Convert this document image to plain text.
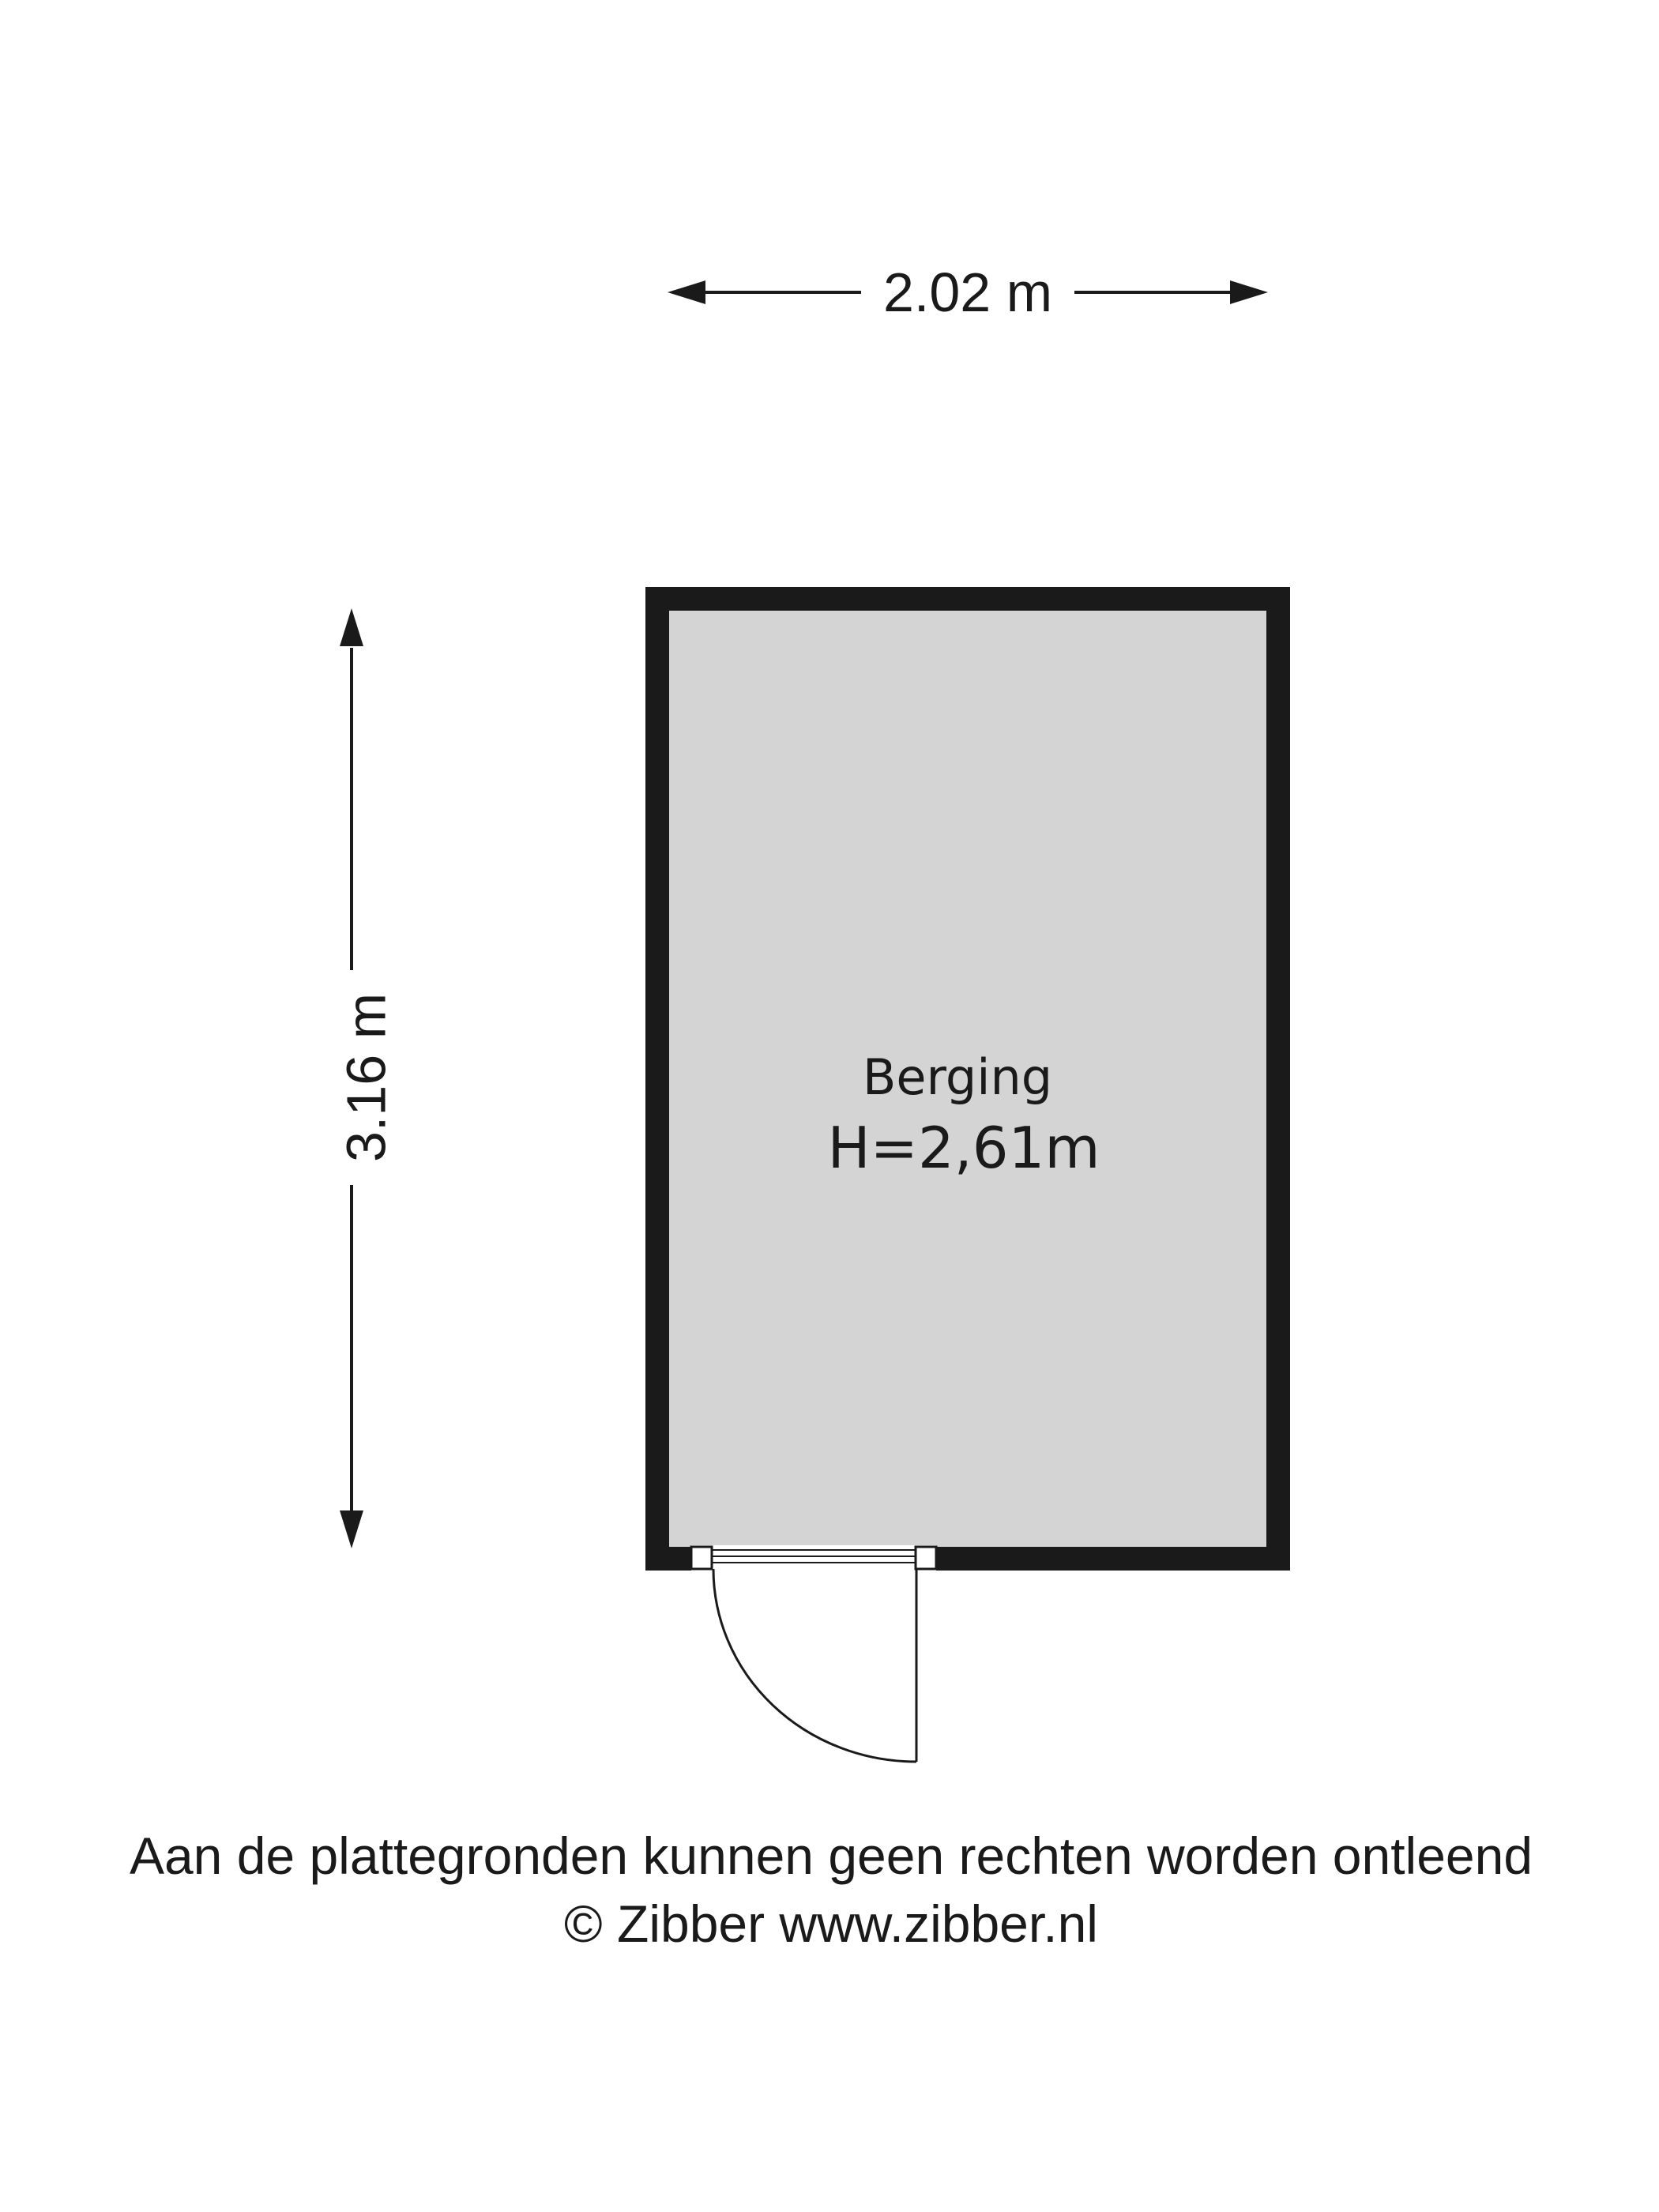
2.02 m
3.16 m	Berging
H=2,61m
Aan de plattegronden kunnen geen rechten worden ontleend
© Zibber www.zibber.nl
